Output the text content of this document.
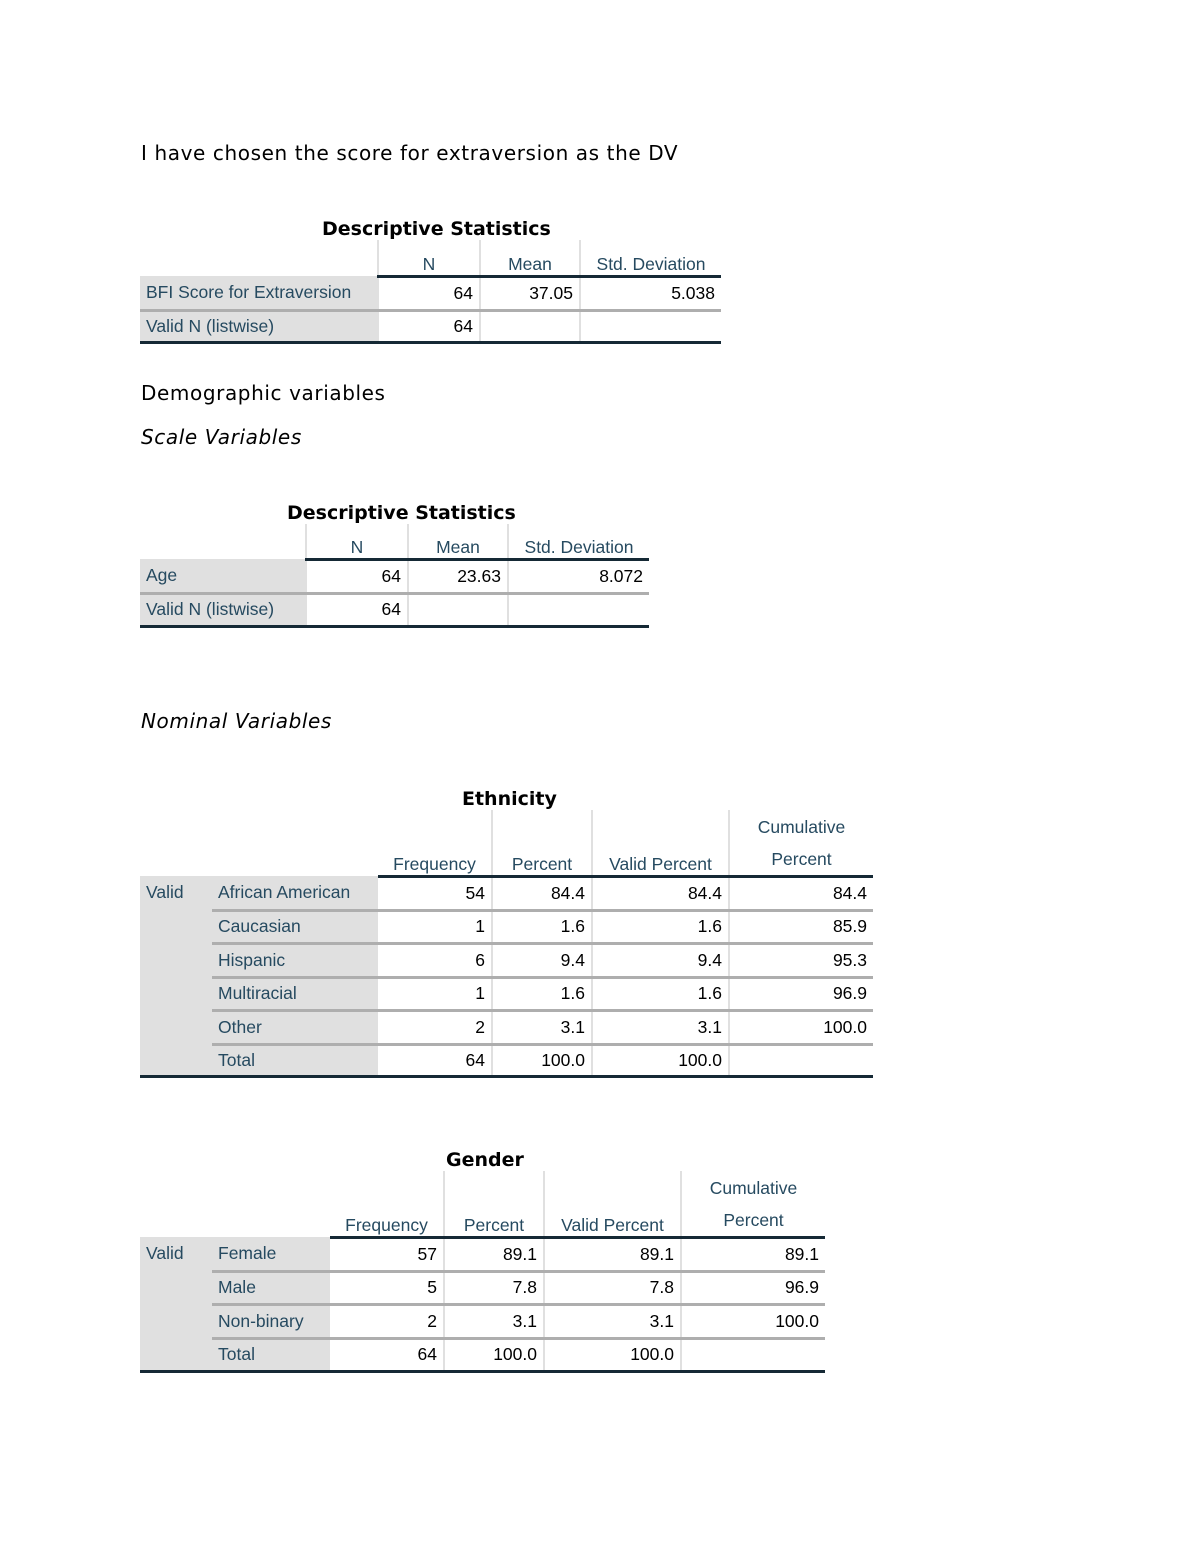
I have chosen the score for extraversion as the DV
Demographic variables
Scale Variables
Nominal Variables
Descriptive Statistics
	N	Mean	Std. Deviation
BFI Score for Extraversion	64	37.05	5.038
Valid N (listwise)	64		
Descriptive Statistics
	N	Mean	Std. Deviation
Age	64	23.63	8.072
Valid N (listwise)	64		
Ethnicity
		Frequency	Percent	Valid Percent	Cumulative
Percent
Valid	African American	54	84.4	84.4	84.4
	Caucasian	1	1.6	1.6	85.9
	Hispanic	6	9.4	9.4	95.3
	Multiracial	1	1.6	1.6	96.9
	Other	2	3.1	3.1	100.0
	Total	64	100.0	100.0	
Gender
		Frequency	Percent	Valid Percent	Cumulative
Percent
Valid	Female	57	89.1	89.1	89.1
	Male	5	7.8	7.8	96.9
	Non-binary	2	3.1	3.1	100.0
	Total	64	100.0	100.0	
